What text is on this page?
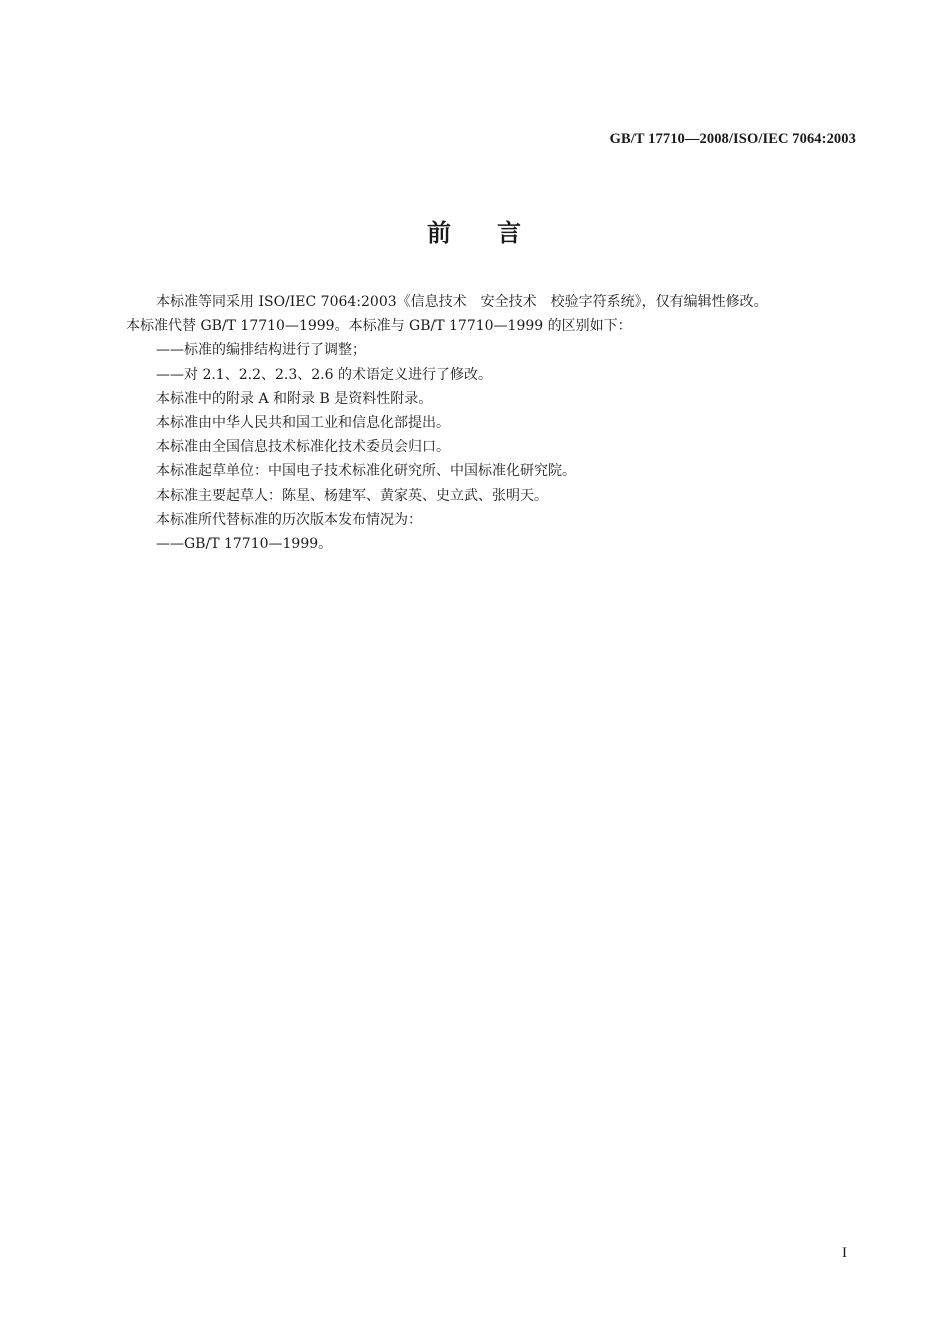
GB/T 17710—2008/ISO/IEC 7064:2003
前 言

本标准等同采用 ISO/IEC 7064:2003《信息技术　安全技术　校验字符系统》，仅有编辑性修改。

本标准代替 GB/T 17710—1999。本标准与 GB/T 17710—1999 的区别如下：

——标准的编排结构进行了调整；

——对 2.1、2.2、2.3、2.6 的术语定义进行了修改。

本标准中的附录 A 和附录 B 是资料性附录。

本标准由中华人民共和国工业和信息化部提出。

本标准由全国信息技术标准化技术委员会归口。

本标准起草单位：中国电子技术标准化研究所、中国标准化研究院。

本标准主要起草人：陈星、杨建军、黄家英、史立武、张明天。

本标准所代替标准的历次版本发布情况为：

——GB/T 17710—1999。

I
